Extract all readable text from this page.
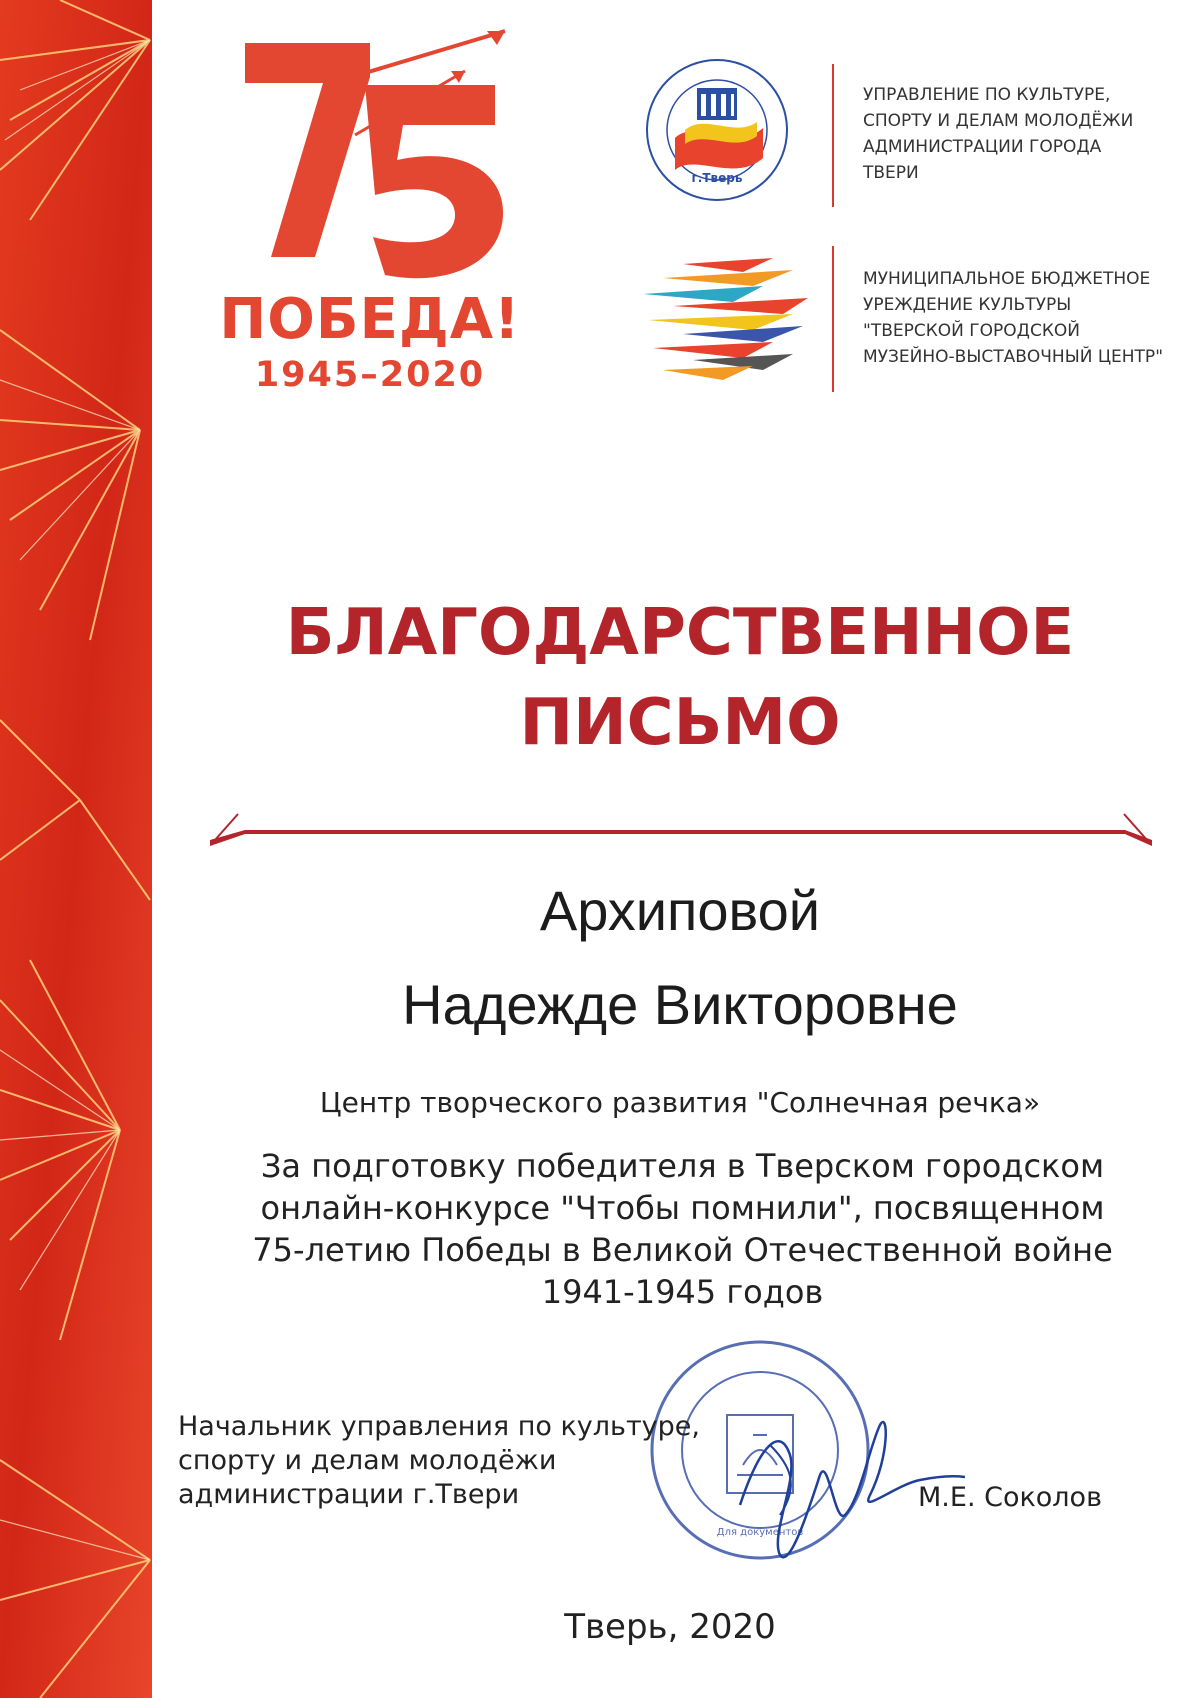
ПОБЕДА!
1945–2020
г.Тверь
УПРАВЛЕНИЕ ПО КУЛЬТУРЕ,
СПОРТУ И ДЕЛАМ МОЛОДЁЖИ
АДМИНИСТРАЦИИ ГОРОДА
ТВЕРИ
МУНИЦИПАЛЬНОЕ БЮДЖЕТНОЕ
УРЕЖДЕНИЕ КУЛЬТУРЫ
"ТВЕРСКОЙ ГОРОДСКОЙ
МУЗЕЙНО-ВЫСТАВОЧНЫЙ ЦЕНТР"
БЛАГОДАРСТВЕННОЕ
ПИСЬМО
Архиповой
Надежде Викторовне
Центр творческого развития "Солнечная речка»
За подготовку победителя в Тверском городском
онлайн-конкурсе "Чтобы помнили", посвященном
75-летию Победы в Великой Отечественной войне
1941-1945 годов
Для документов
Начальник управления по культуре,
спорту и делам молодёжи
администрации г.Твери	М.Е. Соколов
Тверь, 2020
